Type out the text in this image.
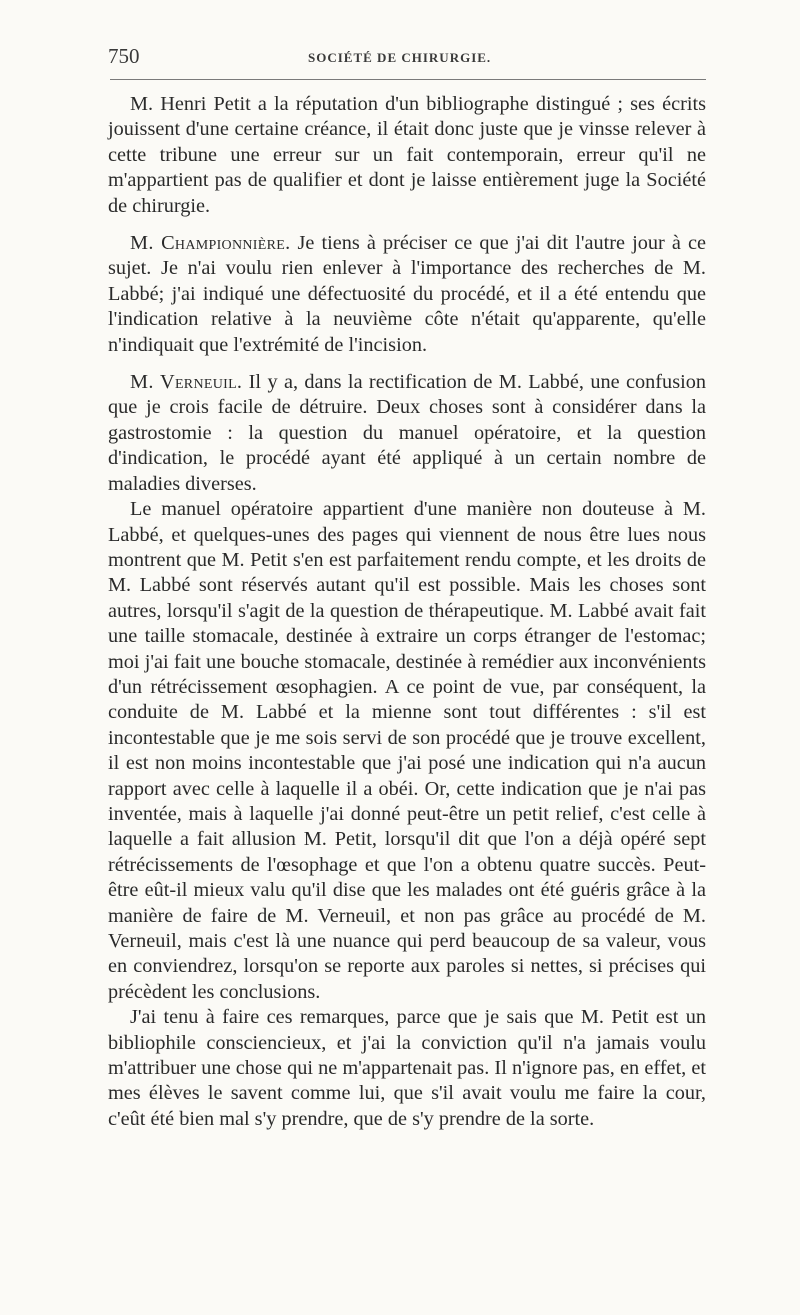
750	SOCIÉTÉ DE CHIRURGIE.

M. Henri Petit a la réputation d'un bibliographe distingué ; ses écrits jouissent d'une certaine créance, il était donc juste que je vinsse relever à cette tribune une erreur sur un fait contemporain, erreur qu'il ne m'appartient pas de qualifier et dont je laisse entièrement juge la Société de chirurgie.

M. Championnière. Je tiens à préciser ce que j'ai dit l'autre jour à ce sujet. Je n'ai voulu rien enlever à l'importance des recherches de M. Labbé; j'ai indiqué une défectuosité du procédé, et il a été entendu que l'indication relative à la neuvième côte n'était qu'apparente, qu'elle n'indiquait que l'extrémité de l'incision.

M. Verneuil. Il y a, dans la rectification de M. Labbé, une confusion que je crois facile de détruire. Deux choses sont à considérer dans la gastrostomie : la question du manuel opératoire, et la question d'indication, le procédé ayant été appliqué à un certain nombre de maladies diverses.

Le manuel opératoire appartient d'une manière non douteuse à M. Labbé, et quelques-unes des pages qui viennent de nous être lues nous montrent que M. Petit s'en est parfaitement rendu compte, et les droits de M. Labbé sont réservés autant qu'il est possible. Mais les choses sont autres, lorsqu'il s'agit de la question de thérapeutique. M. Labbé avait fait une taille stomacale, destinée à extraire un corps étranger de l'estomac; moi j'ai fait une bouche stomacale, destinée à remédier aux inconvénients d'un rétrécissement œsophagien. A ce point de vue, par conséquent, la conduite de M. Labbé et la mienne sont tout différentes : s'il est incontestable que je me sois servi de son procédé que je trouve excellent, il est non moins incontestable que j'ai posé une indication qui n'a aucun rapport avec celle à laquelle il a obéi. Or, cette indication que je n'ai pas inventée, mais à laquelle j'ai donné peut-être un petit relief, c'est celle à laquelle a fait allusion M. Petit, lorsqu'il dit que l'on a déjà opéré sept rétrécissements de l'œsophage et que l'on a obtenu quatre succès. Peut-être eût-il mieux valu qu'il dise que les malades ont été guéris grâce à la manière de faire de M. Verneuil, et non pas grâce au procédé de M. Verneuil, mais c'est là une nuance qui perd beaucoup de sa valeur, vous en conviendrez, lorsqu'on se reporte aux paroles si nettes, si précises qui précèdent les conclusions.

J'ai tenu à faire ces remarques, parce que je sais que M. Petit est un bibliophile consciencieux, et j'ai la conviction qu'il n'a jamais voulu m'attribuer une chose qui ne m'appartenait pas. Il n'ignore pas, en effet, et mes élèves le savent comme lui, que s'il avait voulu me faire la cour, c'eût été bien mal s'y prendre, que de s'y prendre de la sorte.
